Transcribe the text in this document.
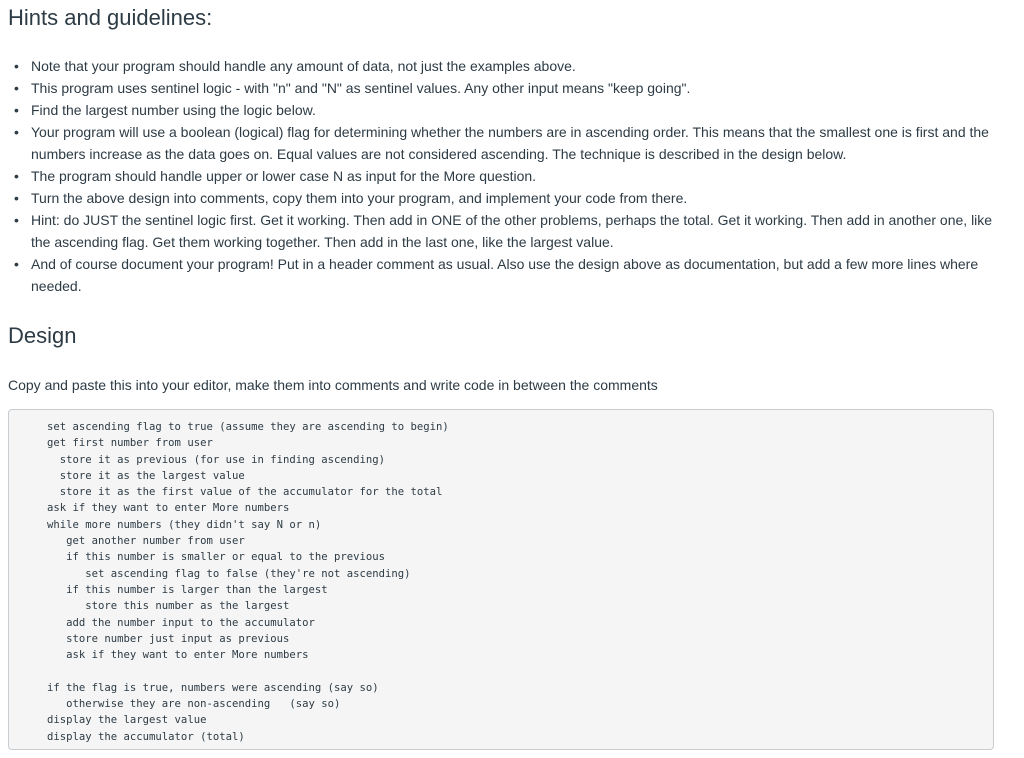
Hints and guidelines:
• Note that your program should handle any amount of data, not just the examples above.
• This program uses sentinel logic - with "n" and "N" as sentinel values. Any other input means "keep going".
• Find the largest number using the logic below.
• Your program will use a boolean (logical) flag for determining whether the numbers are in ascending order. This means that the smallest one is first and the numbers increase as the data goes on. Equal values are not considered ascending. The technique is described in the design below.
• The program should handle upper or lower case N as input for the More question.
• Turn the above design into comments, copy them into your program, and implement your code from there.
• Hint: do JUST the sentinel logic first. Get it working. Then add in ONE of the other problems, perhaps the total. Get it working. Then add in another one, like the ascending flag. Get them working together. Then add in the last one, like the largest value.
• And of course document your program! Put in a header comment as usual. Also use the design above as documentation, but add a few more lines where needed.
Design

Copy and paste this into your editor, make them into comments and write code in between the comments

set ascending flag to true (assume they are ascending to begin)
get first number from user
store it as previous (for use in finding ascending)
store it as the largest value
store it as the first value of the accumulator for the total
ask if they want to enter More numbers
while more numbers (they didn't say N or n)
get another number from user
if this number is smaller or equal to the previous
set ascending flag to false (they're not ascending)
if this number is larger than the largest
store this number as the largest
add the number input to the accumulator
store number just input as previous
ask if they want to enter More numbers

if the flag is true, numbers were ascending (say so)
otherwise they are non-ascending   (say so)
display the largest value
display the accumulator (total)
